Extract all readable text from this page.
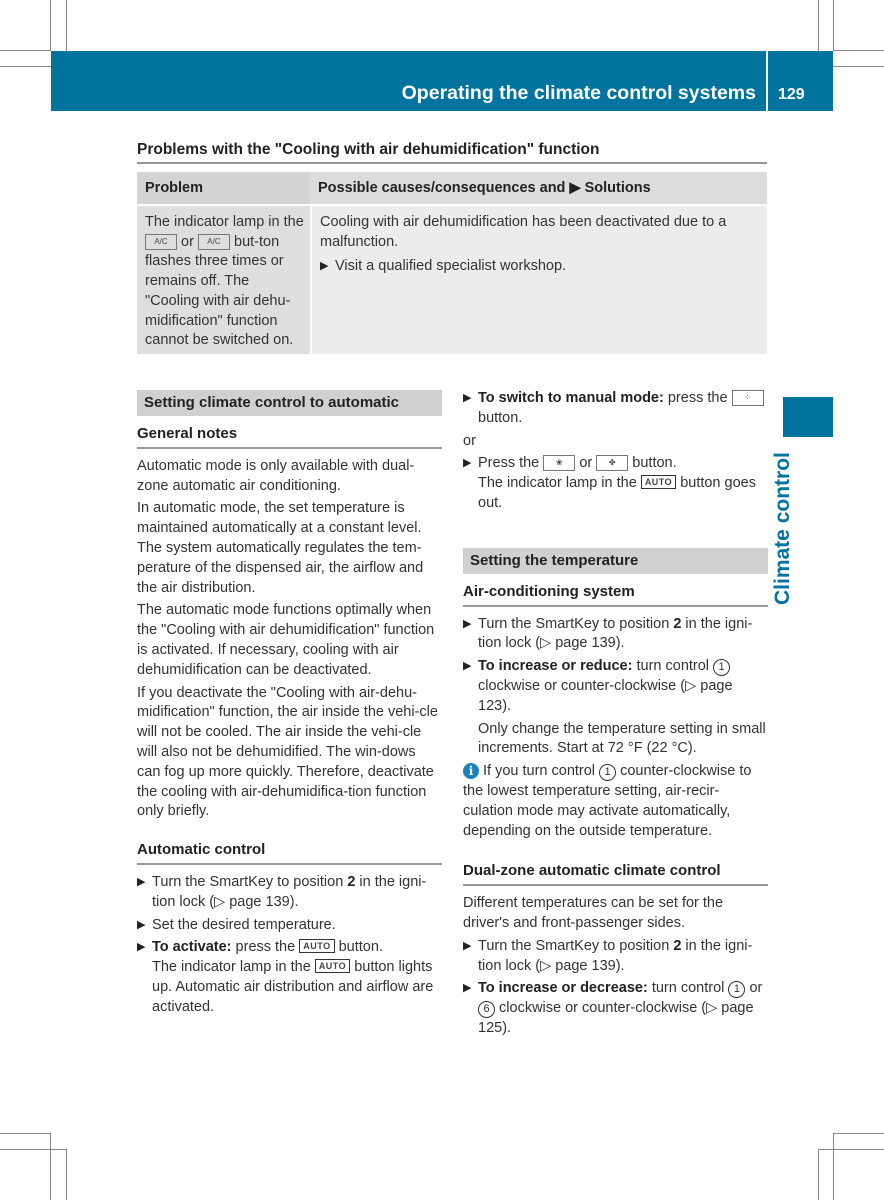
Operating the climate control systems 129
Climate control
Problems with the "Cooling with air dehumidification" function
Problem	Possible causes/consequences and ▶ Solutions
The indicator lamp in the A/C or A/C but-ton flashes three times or remains off. The "Cooling with air dehu-midification" function cannot be switched on.

Cooling with air dehumidification has been deactivated due to a malfunction.

▶ Visit a qualified specialist workshop.
Setting climate control to automatic
General notes

Automatic mode is only available with dual-zone automatic air conditioning.

In automatic mode, the set temperature is maintained automatically at a constant level. The system automatically regulates the tem-perature of the dispensed air, the airflow and the air distribution.

The automatic mode functions optimally when the "Cooling with air dehumidification" function is activated. If necessary, cooling with air dehumidification can be deactivated.

If you deactivate the "Cooling with air-dehu-midification" function, the air inside the vehi-cle will not be cooled. The air inside the vehi-cle will also not be dehumidified. The win-dows can fog up more quickly. Therefore, deactivate the cooling with air-dehumidifica-tion function only briefly.

Automatic control
▶ Turn the SmartKey to position 2 in the igni-tion lock (▷ page 139).
▶ Set the desired temperature.
▶ To activate: press the AUTO button.
The indicator lamp in the AUTO button lights up. Automatic air distribution and airflow are activated.
▶ To switch to manual mode: press the ⁘ button.

or

▶ Press the ❀ or ✤ button.
The indicator lamp in the AUTO button goes out.
Setting the temperature
Air-conditioning system
▶ Turn the SmartKey to position 2 in the igni-tion lock (▷ page 139).
▶ To increase or reduce: turn control 1 clockwise or counter-clockwise (▷ page 123).
Only change the temperature setting in small increments. Start at 72 °F (22 °C).
i If you turn control 1 counter-clockwise to the lowest temperature setting, air-recir-culation mode may activate automatically, depending on the outside temperature.
Dual-zone automatic climate control

Different temperatures can be set for the driver's and front-passenger sides.

▶ Turn the SmartKey to position 2 in the igni-tion lock (▷ page 139).
▶ To increase or decrease: turn control 1 or 6 clockwise or counter-clockwise (▷ page 125).
